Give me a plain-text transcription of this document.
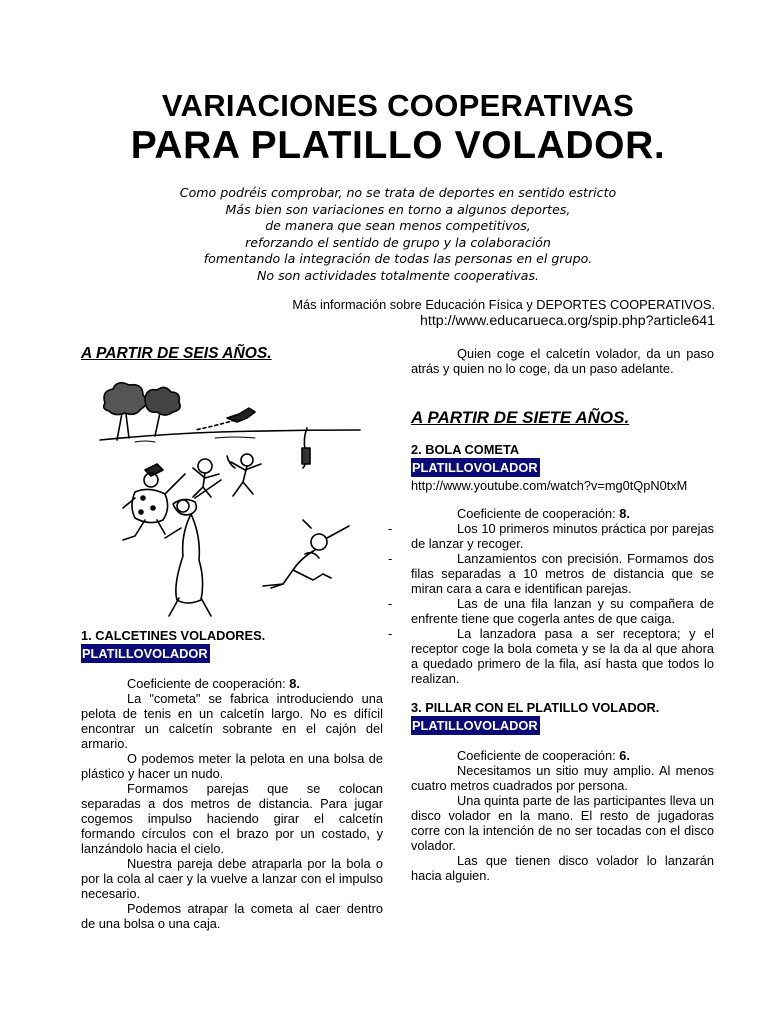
VARIACIONES COOPERATIVAS
PARA PLATILLO VOLADOR.
Como podréis comprobar, no se trata de deportes en sentido estricto
Más bien son variaciones en torno a algunos deportes,
de manera que sean menos competitivos,
reforzando el sentido de grupo y la colaboración
fomentando la integración de todas las personas en el grupo.
No son actividades totalmente cooperativas.
Más información sobre Educación Física y DEPORTES COOPERATIVOS.
http://www.educarueca.org/spip.php?article641
A PARTIR DE SEIS AÑOS.
1. CALCETINES VOLADORES.
PLATILLOVOLADOR
Coeficiente de cooperación: 8.
La "cometa" se fabrica introduciendo una pelota de tenis en un calcetín largo. No es difícil encontrar un calcetín sobrante en el cajón del armario.
O podemos meter la pelota en una bolsa de plástico y hacer un nudo.
Formamos parejas que se colocan separadas a dos metros de distancia. Para jugar cogemos impulso haciendo girar el calcetín formando círculos con el brazo por un costado, y lanzándolo hacia el cielo.
Nuestra pareja debe atraparla por la bola o por la cola al caer y la vuelve a lanzar con el impulso necesario.
Podemos atrapar la cometa al caer dentro de una bolsa o una caja.
Quien coge el calcetín volador, da un paso atrás y quien no lo coge, da un paso adelante.
A PARTIR DE SIETE AÑOS.
2. BOLA COMETA
PLATILLOVOLADOR
http://www.youtube.com/watch?v=mg0tQpN0txM
Coeficiente de cooperación: 8.
-	Los 10 primeros minutos práctica por parejas de lanzar y recoger.
-	Lanzamientos con precisión. Formamos dos filas separadas a 10 metros de distancia que se miran cara a cara e identifican parejas.
-	Las de una fila lanzan y su compañera de enfrente tiene que cogerla antes de que caiga.
-	La lanzadora pasa a ser receptora; y el receptor coge la bola cometa y se la da al que ahora a quedado primero de la fila, así hasta que todos lo realizan.
3. PILLAR CON EL PLATILLO VOLADOR.
PLATILLOVOLADOR
Coeficiente de cooperación: 6.
Necesitamos un sitio muy amplio. Al menos cuatro metros cuadrados por persona.
Una quinta parte de las participantes lleva un disco volador en la mano. El resto de jugadoras corre con la intención de no ser tocadas con el disco volador.
Las que tienen disco volador lo lanzarán hacia alguien.
